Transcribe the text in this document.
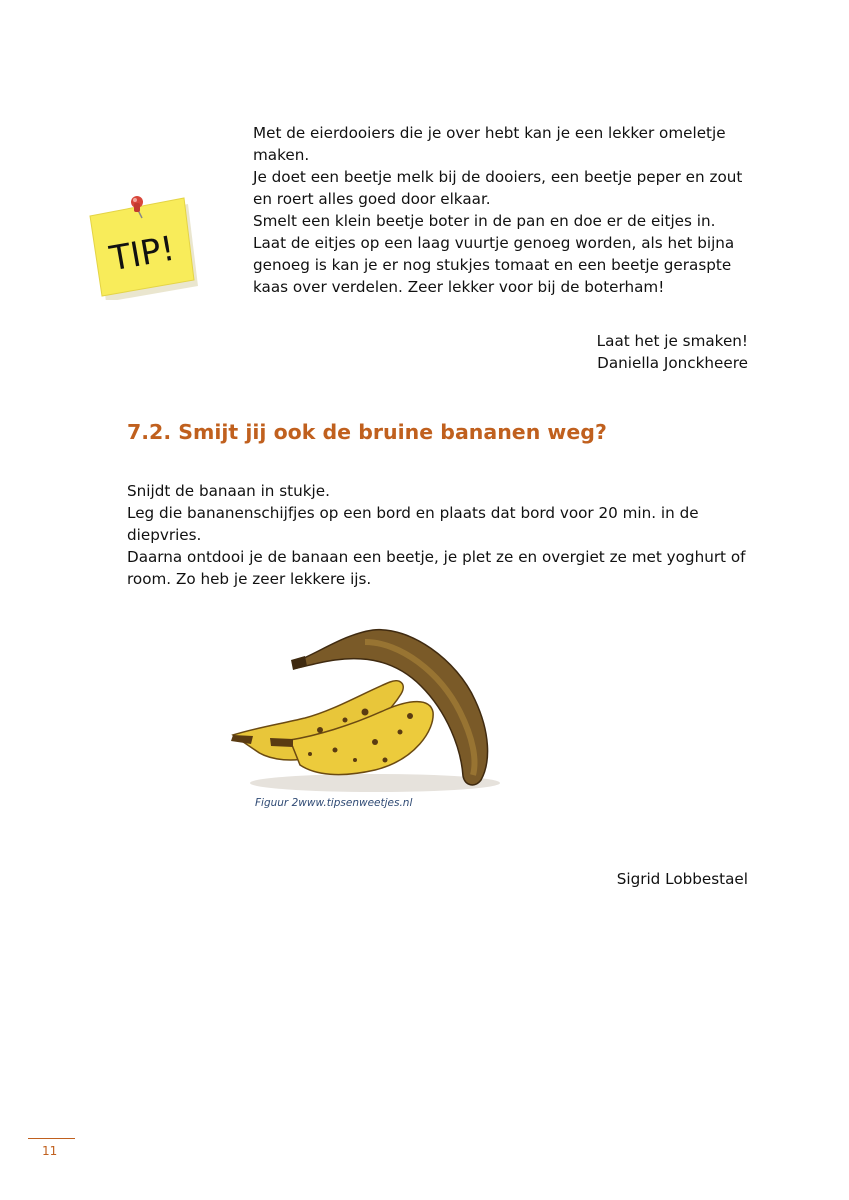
TIP!

Met de eierdooiers die je over hebt kan je een lekker omeletje maken.

Je doet een beetje melk bij de dooiers, een beetje peper en zout en roert alles goed door elkaar.

Smelt een klein beetje boter in de pan en doe er de eitjes in.

Laat de eitjes op een laag vuurtje genoeg worden, als het bijna genoeg is kan je er nog stukjes tomaat en een beetje geraspte kaas over verdelen. Zeer lekker voor bij de boterham!

Laat het je smaken!

Daniella Jonckheere

7.2. Smijt jij ook de bruine bananen weg?

Snijdt de banaan in stukje.

Leg die bananenschijfjes op een bord en plaats dat bord voor 20 min. in de diepvries.

Daarna ontdooi je de banaan een beetje, je plet ze en overgiet ze met yoghurt of room. Zo heb je zeer lekkere ijs.

Figuur 2www.tipsenweetjes.nl
Sigrid Lobbestael
11
